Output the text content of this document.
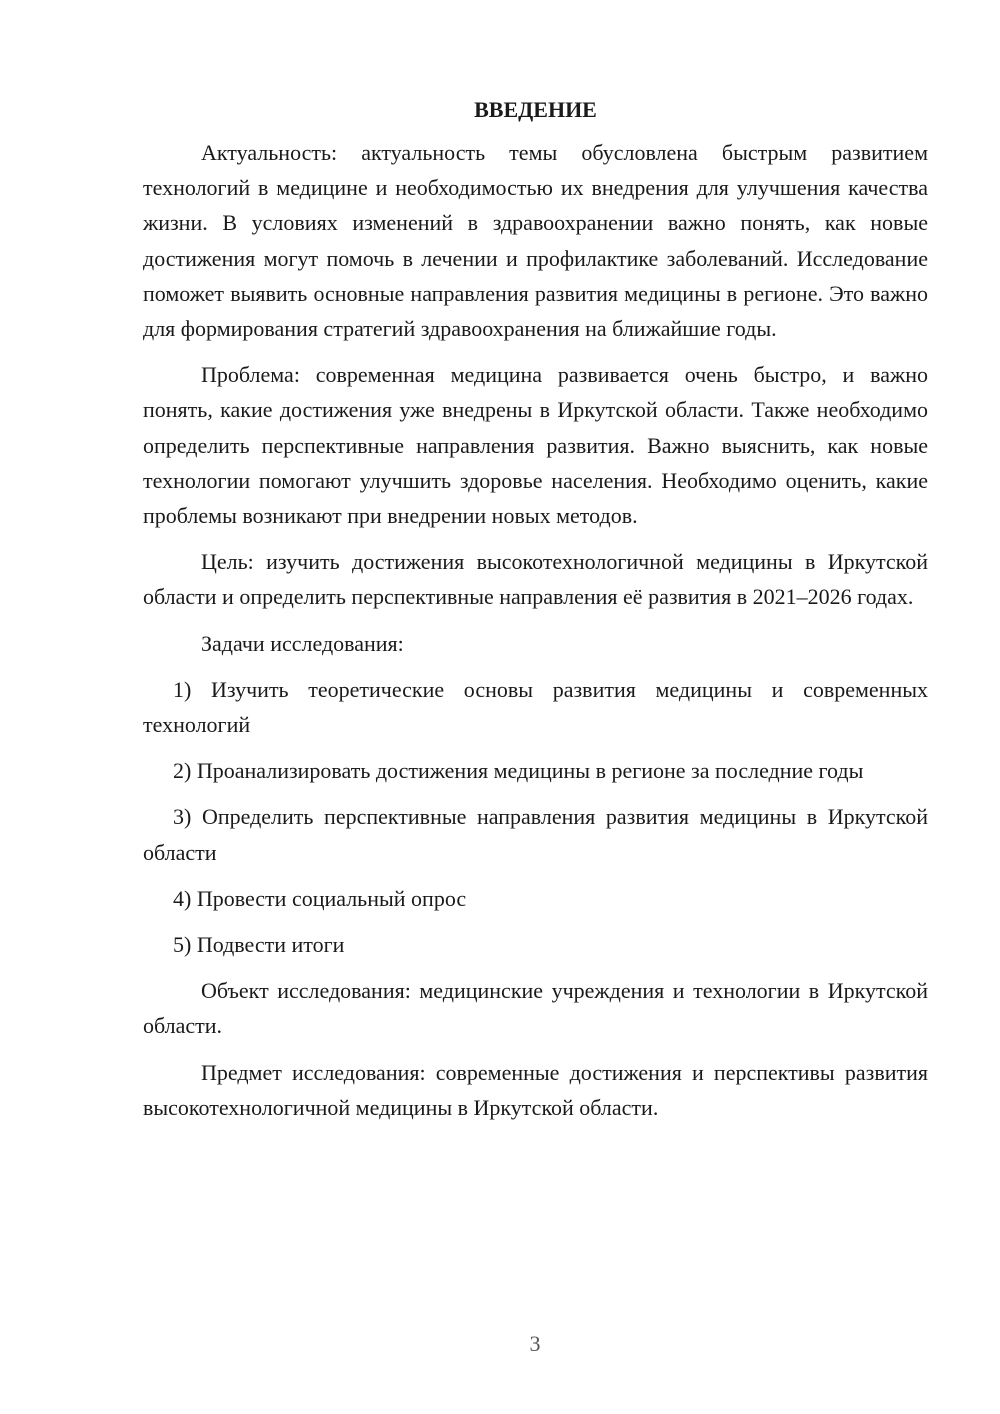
ВВЕДЕНИЕ

Актуальность: актуальность темы обусловлена быстрым развитием технологий в медицине и необходимостью их внедрения для улучшения качества жизни. В условиях изменений в здравоохранении важно понять, как новые достижения могут помочь в лечении и профилактике заболеваний. Исследование поможет выявить основные направления развития медицины в регионе. Это важно для формирования стратегий здравоохранения на ближайшие годы.

Проблема: современная медицина развивается очень быстро, и важно понять, какие достижения уже внедрены в Иркутской области. Также необходимо определить перспективные направления развития. Важно выяснить, как новые технологии помогают улучшить здоровье населения. Необходимо оценить, какие проблемы возникают при внедрении новых методов.

Цель: изучить достижения высокотехнологичной медицины в Иркутской области и определить перспективные направления её развития в 2021–2026 годах.

Задачи исследования:

1) Изучить теоретические основы развития медицины и современных технологий

2) Проанализировать достижения медицины в регионе за последние годы

3) Определить перспективные направления развития медицины в Иркутской области

4) Провести социальный опрос

5) Подвести итоги

Объект исследования: медицинские учреждения и технологии в Иркутской области.

Предмет исследования: современные достижения и перспективы развития высокотехнологичной медицины в Иркутской области.

3
